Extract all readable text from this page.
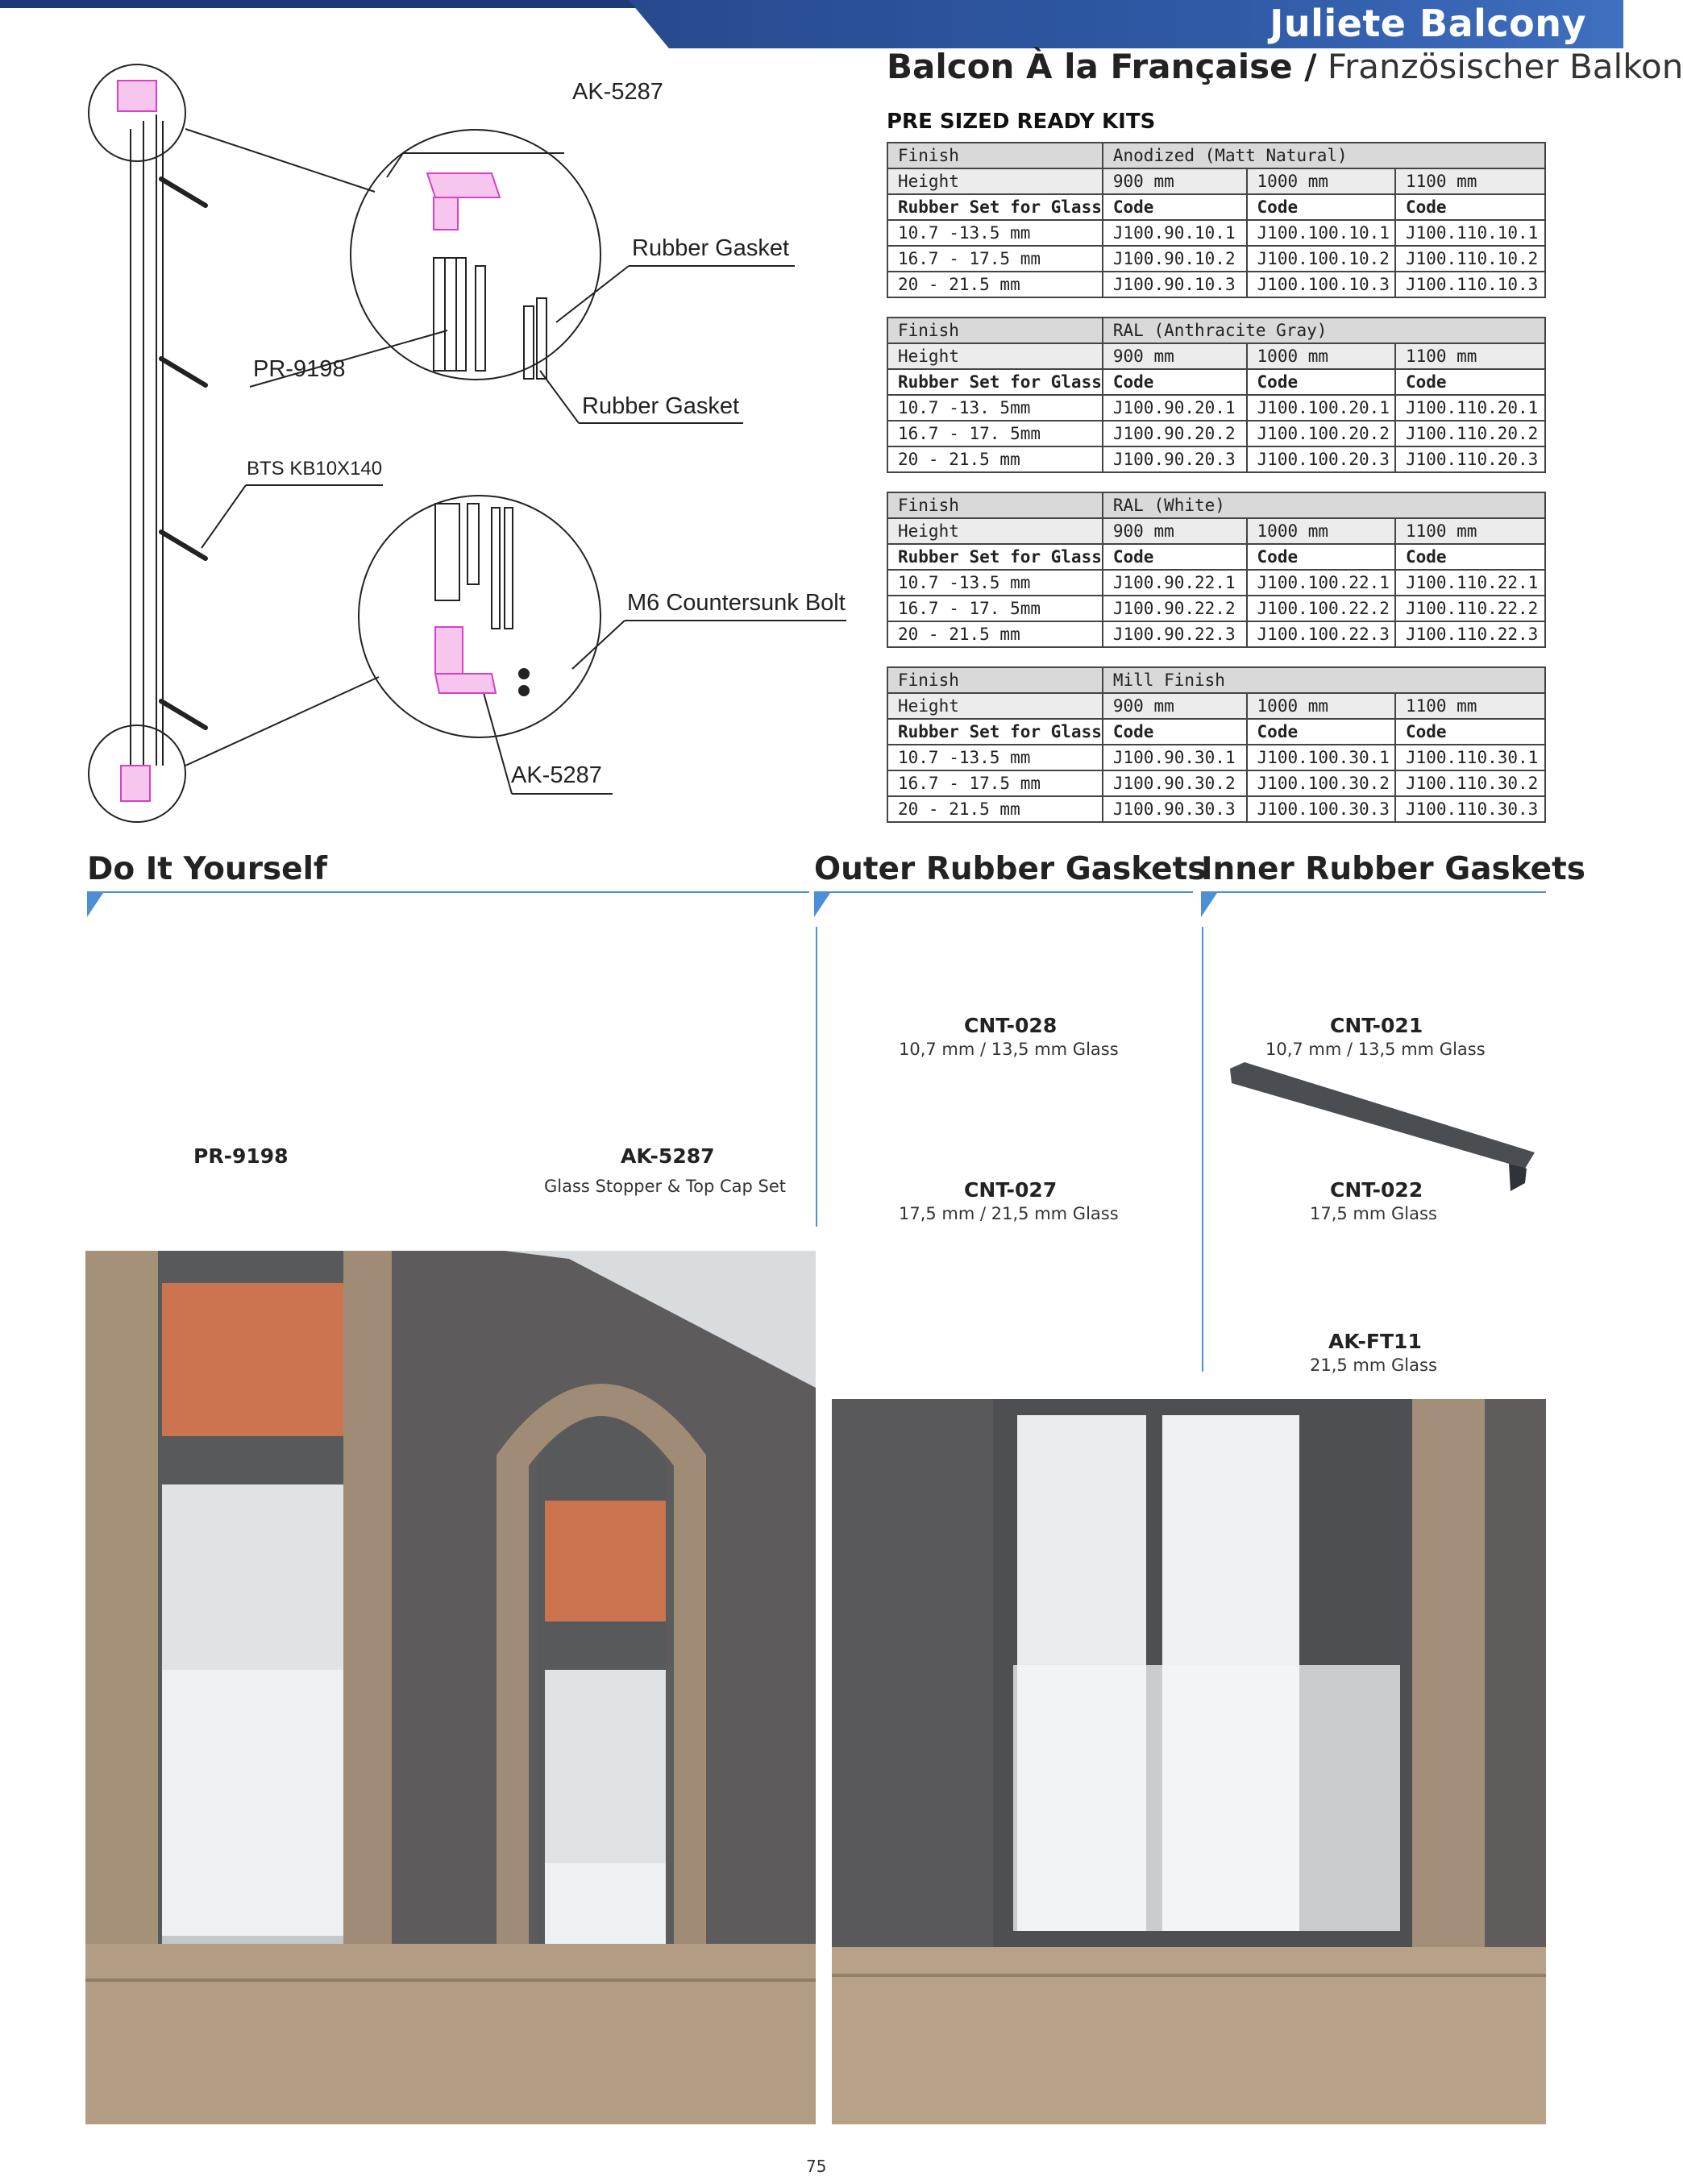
Juliete Balcony
Balcon À la Française / Französischer Balkon
PRE SIZED READY KITS
Finish	Anodized (Matt Natural)		
Height	900 mm	1000 mm	1100 mm
Rubber Set for Glass	Code	Code	Code
10.7 -13.5 mm	J100.90.10.1	J100.100.10.1	J100.110.10.1
16.7 - 17.5 mm	J100.90.10.2	J100.100.10.2	J100.110.10.2
20 - 21.5 mm	J100.90.10.3	J100.100.10.3	J100.110.10.3
Finish	RAL (Anthracite Gray)		
Height	900 mm	1000 mm	1100 mm
Rubber Set for Glass	Code	Code	Code
10.7 -13. 5mm	J100.90.20.1	J100.100.20.1	J100.110.20.1
16.7 - 17. 5mm	J100.90.20.2	J100.100.20.2	J100.110.20.2
20 - 21.5 mm	J100.90.20.3	J100.100.20.3	J100.110.20.3
Finish	RAL (White)		
Height	900 mm	1000 mm	1100 mm
Rubber Set for Glass	Code	Code	Code
10.7 -13.5 mm	J100.90.22.1	J100.100.22.1	J100.110.22.1
16.7 - 17. 5mm	J100.90.22.2	J100.100.22.2	J100.110.22.2
20 - 21.5 mm	J100.90.22.3	J100.100.22.3	J100.110.22.3
Finish	Mill Finish		
Height	900 mm	1000 mm	1100 mm
Rubber Set for Glass	Code	Code	Code
10.7 -13.5 mm	J100.90.30.1	J100.100.30.1	J100.110.30.1
16.7 - 17.5 mm	J100.90.30.2	J100.100.30.2	J100.110.30.2
20 - 21.5 mm	J100.90.30.3	J100.100.30.3	J100.110.30.3
AK-5287
Rubber Gasket
PR-9198
Rubber Gasket
BTS KB10X140
M6 Countersunk Bolt
AK-5287
Do It Yourself	Outer Rubber Gaskets
Inner Rubber Gaskets
PR-9198	AK-5287
Glass Stopper & Top Cap Set
CNT-028
10,7 mm / 13,5 mm Glass
CNT-027
17,5 mm / 21,5 mm Glass
CNT-021
10,7 mm / 13,5 mm Glass
CNT-022
17,5 mm Glass
AK-FT11
21,5 mm Glass
75
